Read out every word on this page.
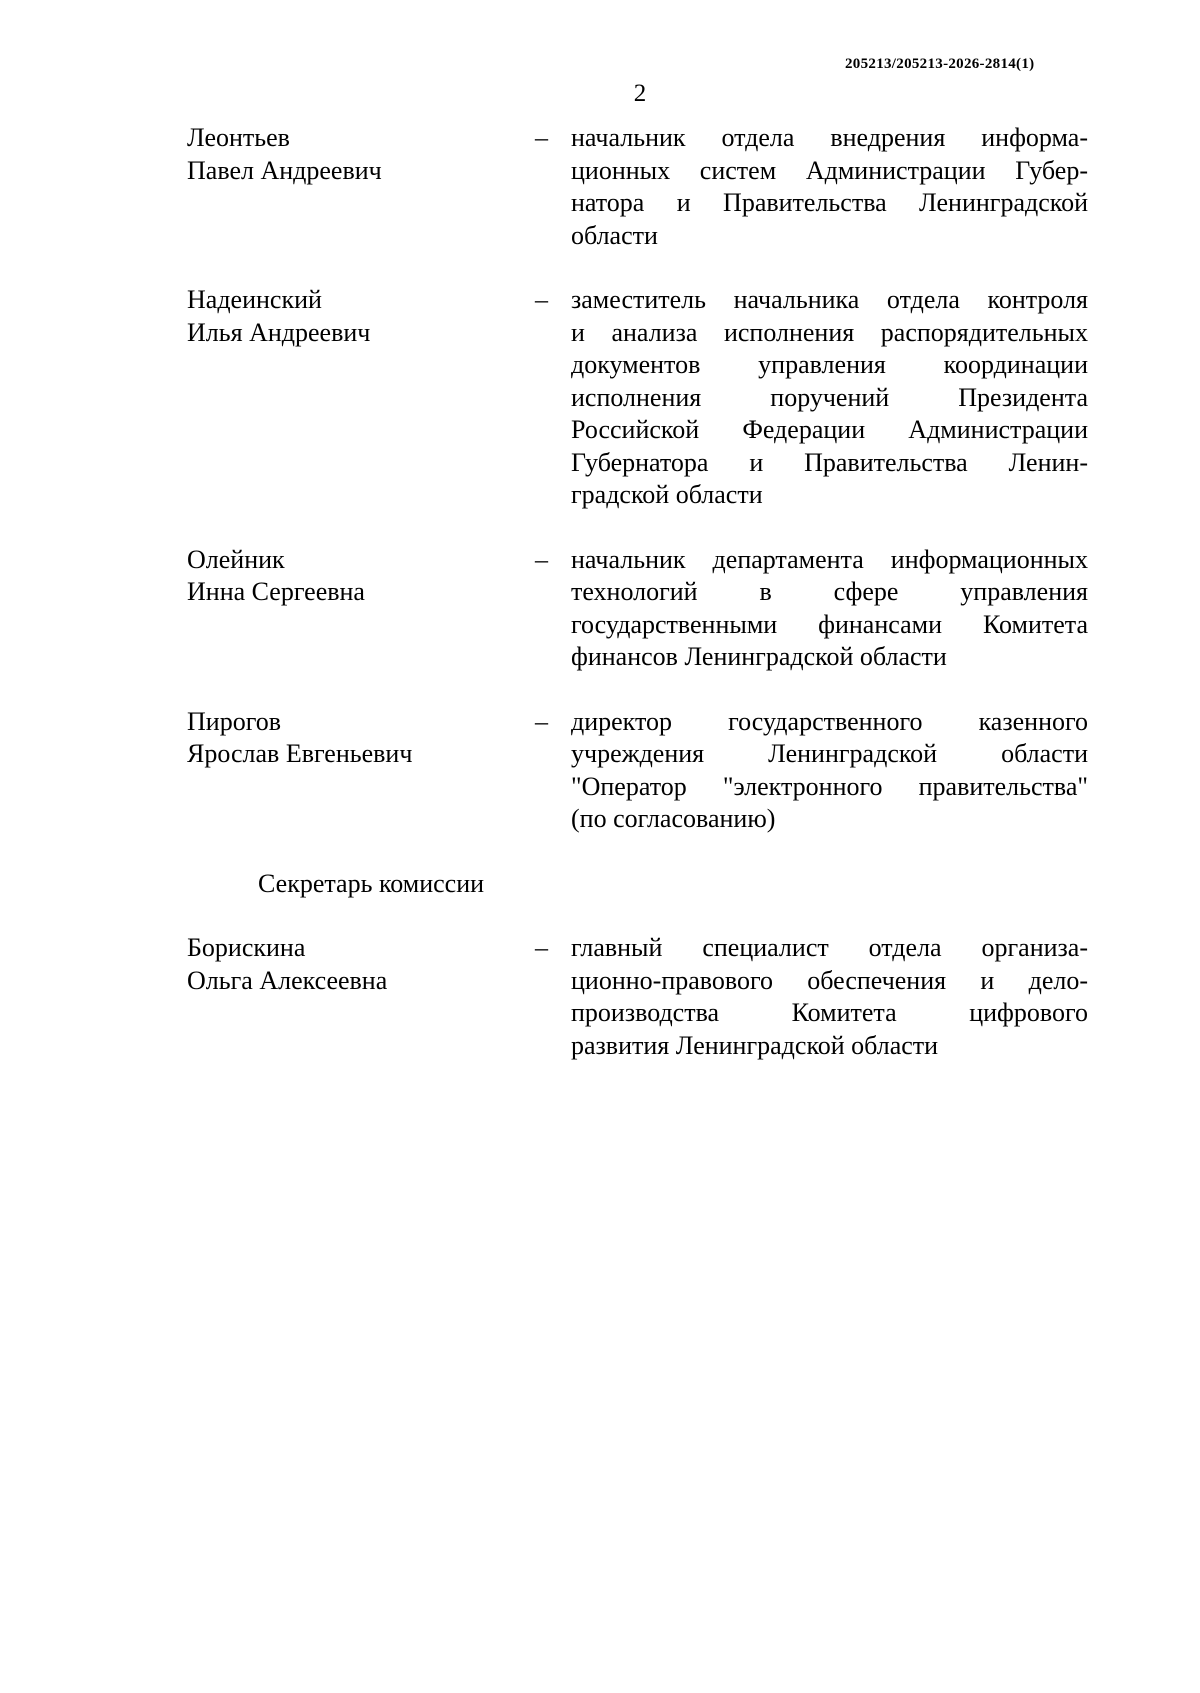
205213/205213-2026-2814(1)
2
Леонтьев
Павел Андреевич
– начальник отдела внедрения информа-
ционных систем Администрации Губер-
натора и Правительства Ленинградской
области
Надеинский
Илья Андреевич
– заместитель начальника отдела контроля
и анализа исполнения распорядительных
документов управления координации
исполнения поручений Президента
Российской Федерации Администрации
Губернатора и Правительства Ленин-
градской области
Олейник
Инна Сергеевна
– начальник департамента информационных
технологий в сфере управления
государственными финансами Комитета
финансов Ленинградской области
Пирогов
Ярослав Евгеньевич
– директор государственного казенного
учреждения Ленинградской области
"Оператор "электронного правительства"
(по согласованию)
Секретарь комиссии
Борискина
Ольга Алексеевна
– главный специалист отдела организа-
ционно-правового обеспечения и дело-
производства Комитета цифрового
развития Ленинградской области
